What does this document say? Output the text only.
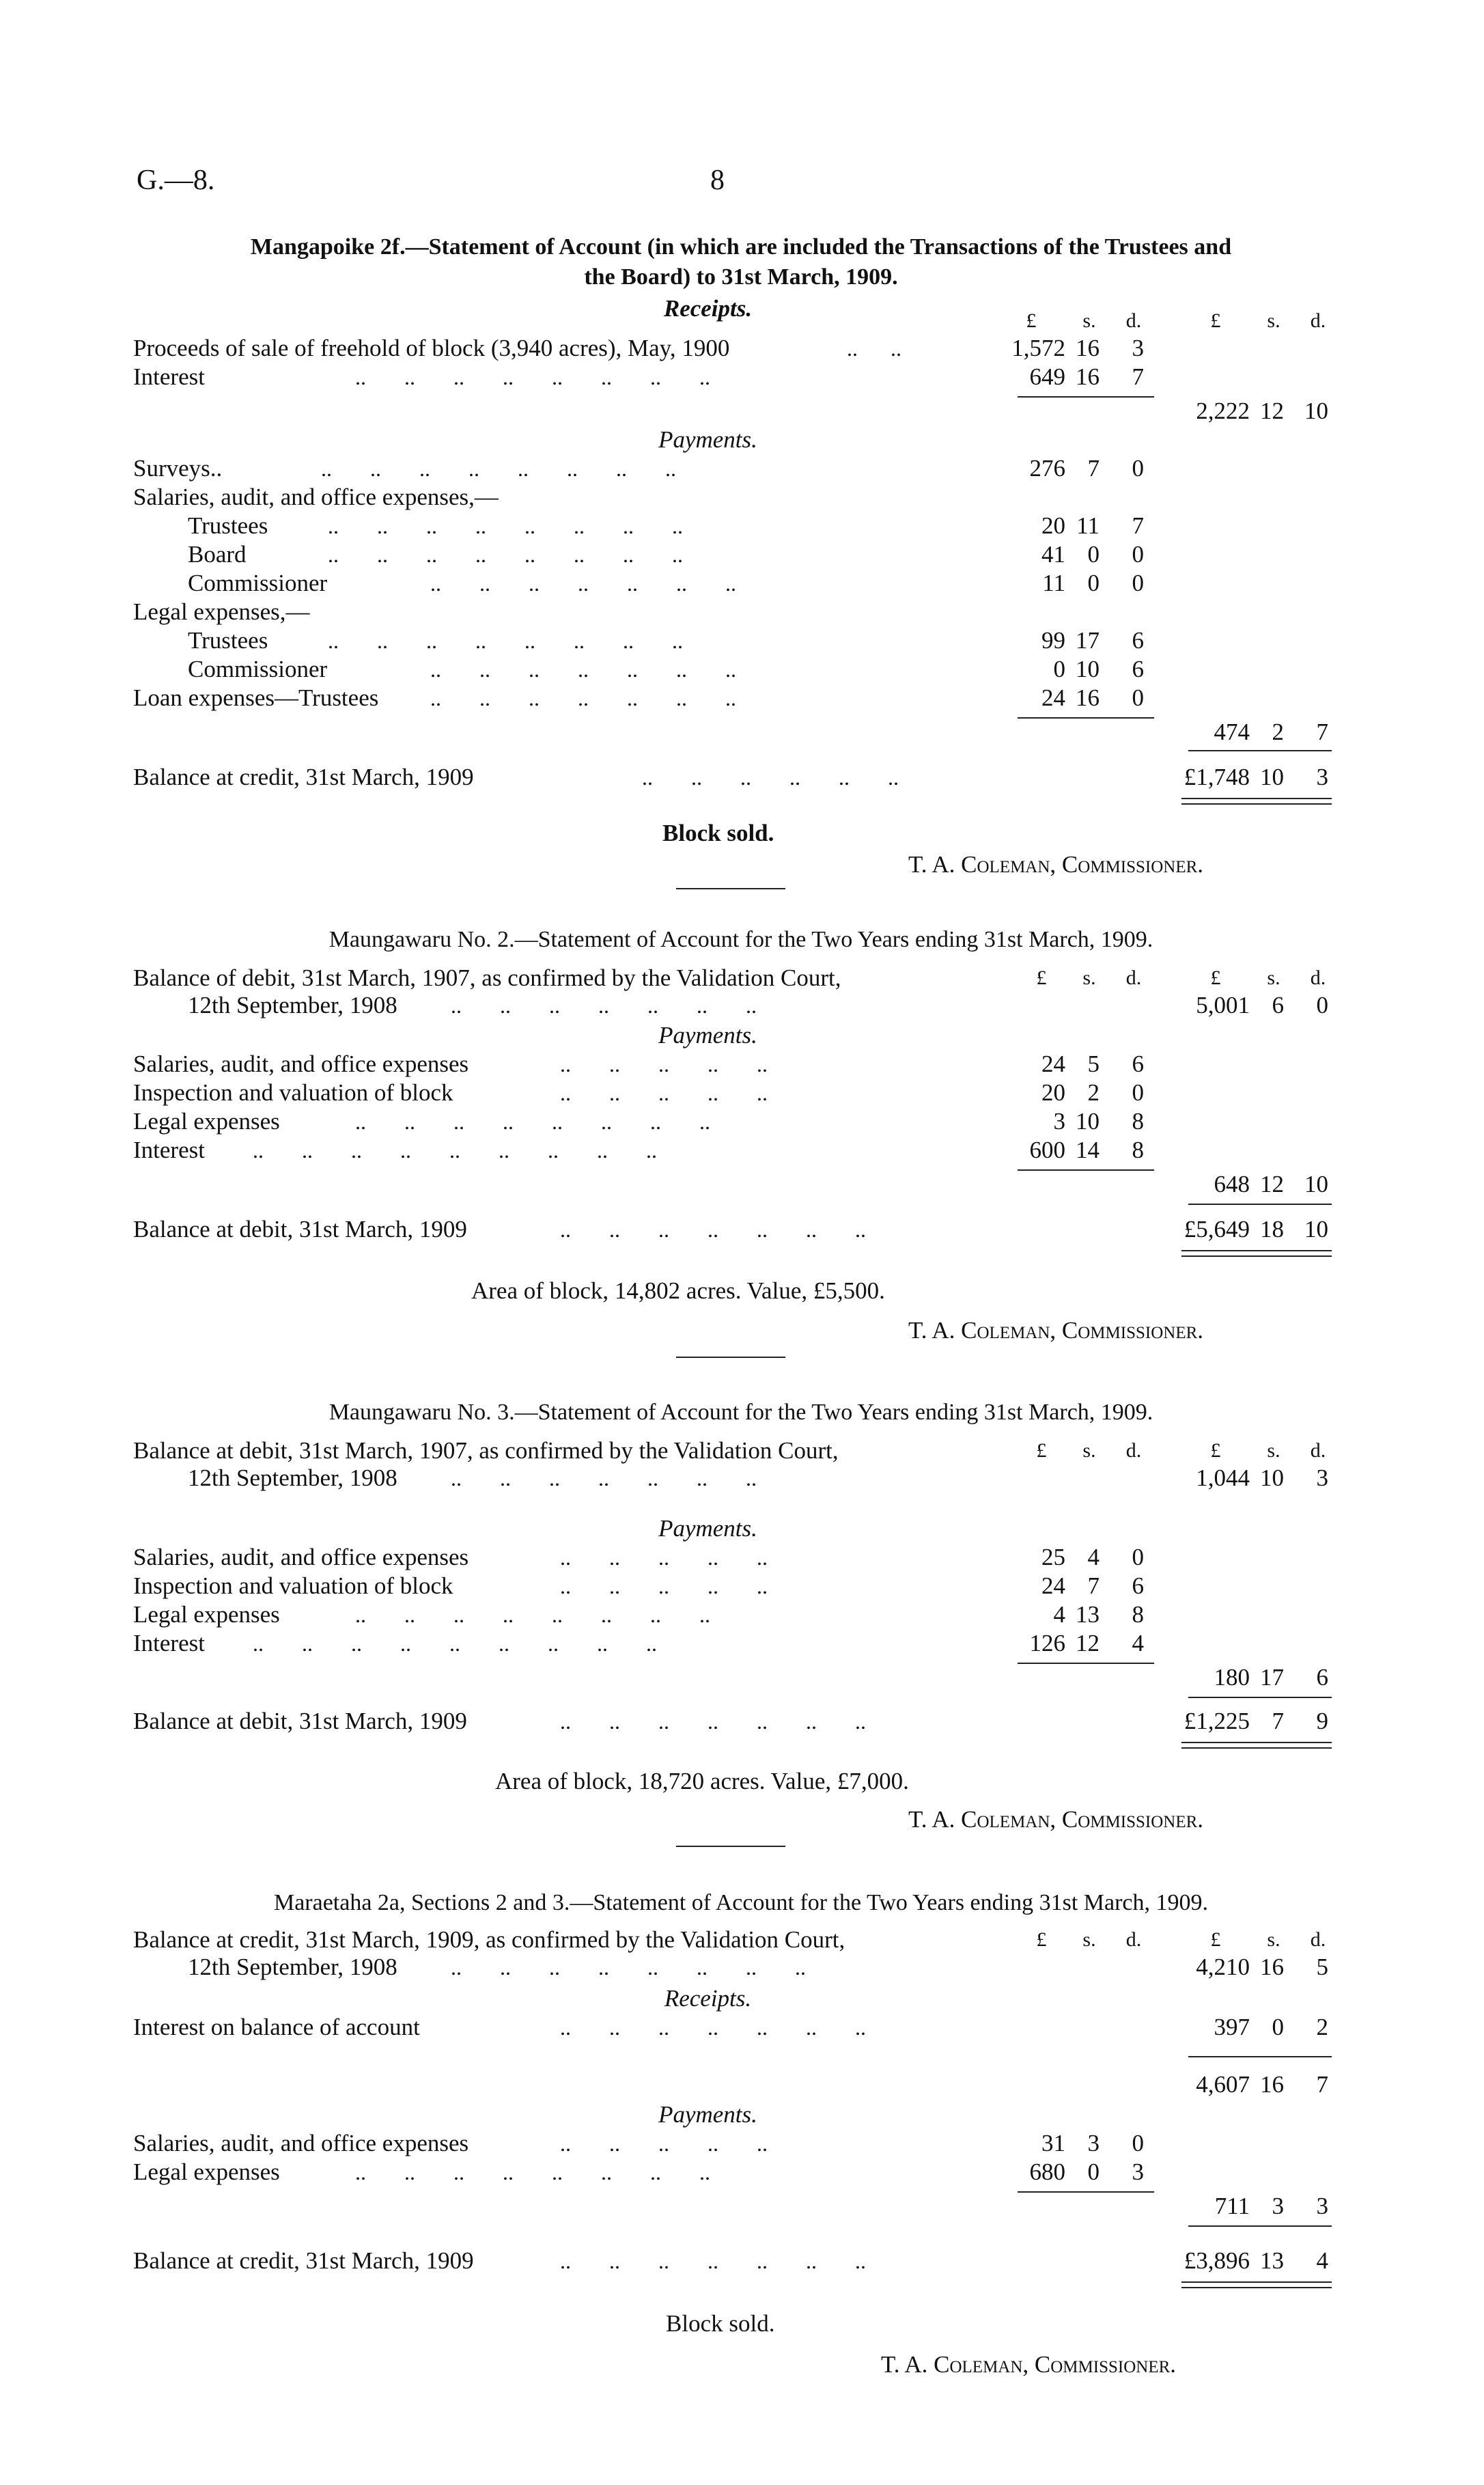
G.—8.	8
Mangapoike 2f.—Statement of Account (in which are included the Transactions of the Trustees and
the Board) to 31st March, 1909.
Receipts.	£	s.	d.	£	s.	d.
Proceeds of sale of freehold of block (3,940 acres), May, 1900	..      ..	1,572 16	3
Interest	..       ..       ..       ..       ..       ..       ..       ..	649 16	7
2,222 12 10
Payments.
Surveys..	..       ..       ..       ..       ..       ..       ..       ..	276 7	0
Salaries, audit, and office expenses,—
Trustees	..       ..       ..       ..       ..       ..       ..       ..	20 11	7
Board	..       ..       ..       ..       ..       ..       ..       ..	41 0	0
Commissioner	..       ..       ..       ..       ..       ..       ..	11 0	0
Legal expenses,—
Trustees	..       ..       ..       ..       ..       ..       ..       ..	99 17	6
Commissioner	..       ..       ..       ..       ..       ..       ..	0 10	6
Loan expenses—Trustees ..       ..       ..       ..       ..       ..       ..	24 16	0
474 2	7
Balance at credit, 31st March, 1909	..       ..       ..       ..       ..       ..	£1,748 10	3
Block sold.
T. A. Coleman, Commissioner.
Maungawaru No. 2.—Statement of Account for the Two Years ending 31st March, 1909.
Balance of debit, 31st March, 1907, as confirmed by the Validation Court,	£	s.	d.	£	s.	d.
12th September, 1908 ..       ..       ..       ..       ..       ..       ..	5,001 6	0
Payments.
Salaries, audit, and office expenses	..       ..       ..       ..       ..	24 5	6
Inspection and valuation of block	..       ..       ..       ..       ..	20 2	0
Legal expenses	..       ..       ..       ..       ..       ..       ..       ..	3 10	8
Interest ..       ..       ..       ..       ..       ..       ..       ..       ..	600 14	8
648 12 10
Balance at debit, 31st March, 1909	..       ..       ..       ..       ..       ..       ..	£5,649 18 10
Area of block, 14,802 acres. Value, £5,500.
T. A. Coleman, Commissioner.
Maungawaru No. 3.—Statement of Account for the Two Years ending 31st March, 1909.
Balance at debit, 31st March, 1907, as confirmed by the Validation Court,	£	s.	d.	£	s.	d.
12th September, 1908 ..       ..       ..       ..       ..       ..       ..	1,044 10	3
Payments.
Salaries, audit, and office expenses	..       ..       ..       ..       ..	25 4	0
Inspection and valuation of block	..       ..       ..       ..       ..	24 7	6
Legal expenses	..       ..       ..       ..       ..       ..       ..       ..	4 13	8
Interest ..       ..       ..       ..       ..       ..       ..       ..       ..	126 12	4
180 17	6
Balance at debit, 31st March, 1909	..       ..       ..       ..       ..       ..       ..	£1,225 7	9
Area of block, 18,720 acres. Value, £7,000.
T. A. Coleman, Commissioner.
Maraetaha 2a, Sections 2 and 3.—Statement of Account for the Two Years ending 31st March, 1909.
Balance at credit, 31st March, 1909, as confirmed by the Validation Court,	£	s.	d.	£	s.	d.
12th September, 1908 ..       ..       ..       ..       ..       ..       ..       ..	4,210 16	5
Receipts.
Interest on balance of account	..       ..       ..       ..       ..       ..       ..	397 0	2
4,607 16	7
Payments.
Salaries, audit, and office expenses	..       ..       ..       ..       ..	31 3	0
Legal expenses	..       ..       ..       ..       ..       ..       ..       ..	680 0	3
711 3	3
Balance at credit, 31st March, 1909	..       ..       ..       ..       ..       ..       ..	£3,896 13	4
Block sold.
T. A. Coleman, Commissioner.
